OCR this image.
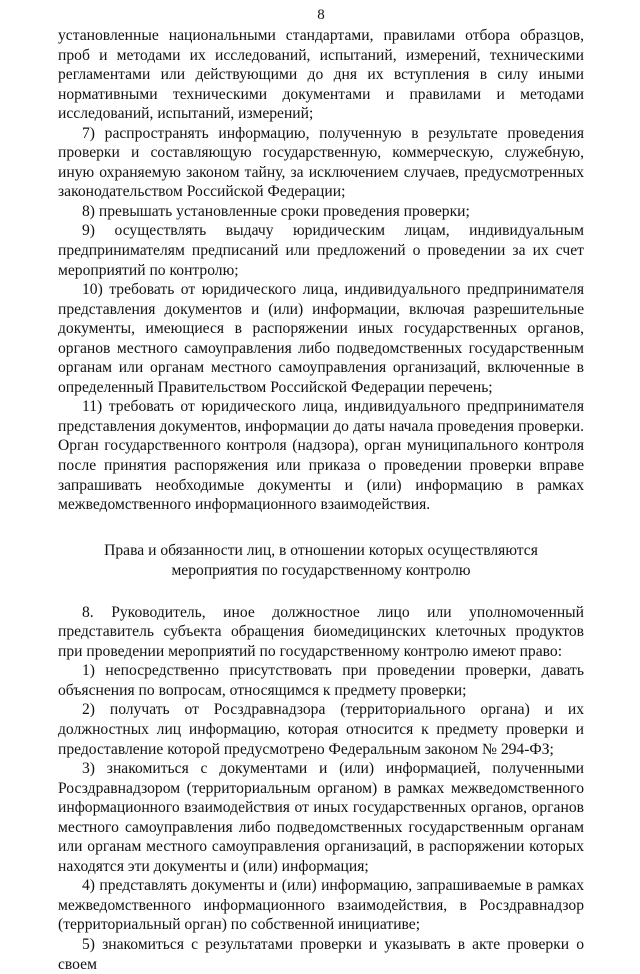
8

установленные национальными стандартами, правилами отбора образцов, проб и методами их исследований, испытаний, измерений, техническими регламентами или действующими до дня их вступления в силу иными нормативными техническими документами и правилами и методами исследований, испытаний, измерений;

7) распространять информацию, полученную в результате проведения проверки и составляющую государственную, коммерческую, служебную, иную охраняемую законом тайну, за исключением случаев, предусмотренных законодательством Российской Федерации;

8) превышать установленные сроки проведения проверки;

9) осуществлять выдачу юридическим лицам, индивидуальным предпринимателям предписаний или предложений о проведении за их счет мероприятий по контролю;

10) требовать от юридического лица, индивидуального предпринимателя представления документов и (или) информации, включая разрешительные документы, имеющиеся в распоряжении иных государственных органов, органов местного самоуправления либо подведомственных государственным органам или органам местного самоуправления организаций, включенные в определенный Правительством Российской Федерации перечень;

11) требовать от юридического лица, индивидуального предпринимателя представления документов, информации до даты начала проведения проверки. Орган государственного контроля (надзора), орган муниципального контроля после принятия распоряжения или приказа о проведении проверки вправе запрашивать необходимые документы и (или) информацию в рамках межведомственного информационного взаимодействия.

Права и обязанности лиц, в отношении которых осуществляются
мероприятия по государственному контролю

8. Руководитель, иное должностное лицо или уполномоченный представитель субъекта обращения биомедицинских клеточных продуктов при проведении мероприятий по государственному контролю имеют право:

1) непосредственно присутствовать при проведении проверки, давать объяснения по вопросам, относящимся к предмету проверки;

2) получать от Росздравнадзора (территориального органа) и их должностных лиц информацию, которая относится к предмету проверки и предоставление которой предусмотрено Федеральным законом № 294-ФЗ;

3) знакомиться с документами и (или) информацией, полученными Росздравнадзором (территориальным органом) в рамках межведомственного информационного взаимодействия от иных государственных органов, органов местного самоуправления либо подведомственных государственным органам или органам местного самоуправления организаций, в распоряжении которых находятся эти документы и (или) информация;

4) представлять документы и (или) информацию, запрашиваемые в рамках межведомственного информационного взаимодействия, в Росздравнадзор (территориальный орган) по собственной инициативе;

5) знакомиться с результатами проверки и указывать в акте проверки о своем
